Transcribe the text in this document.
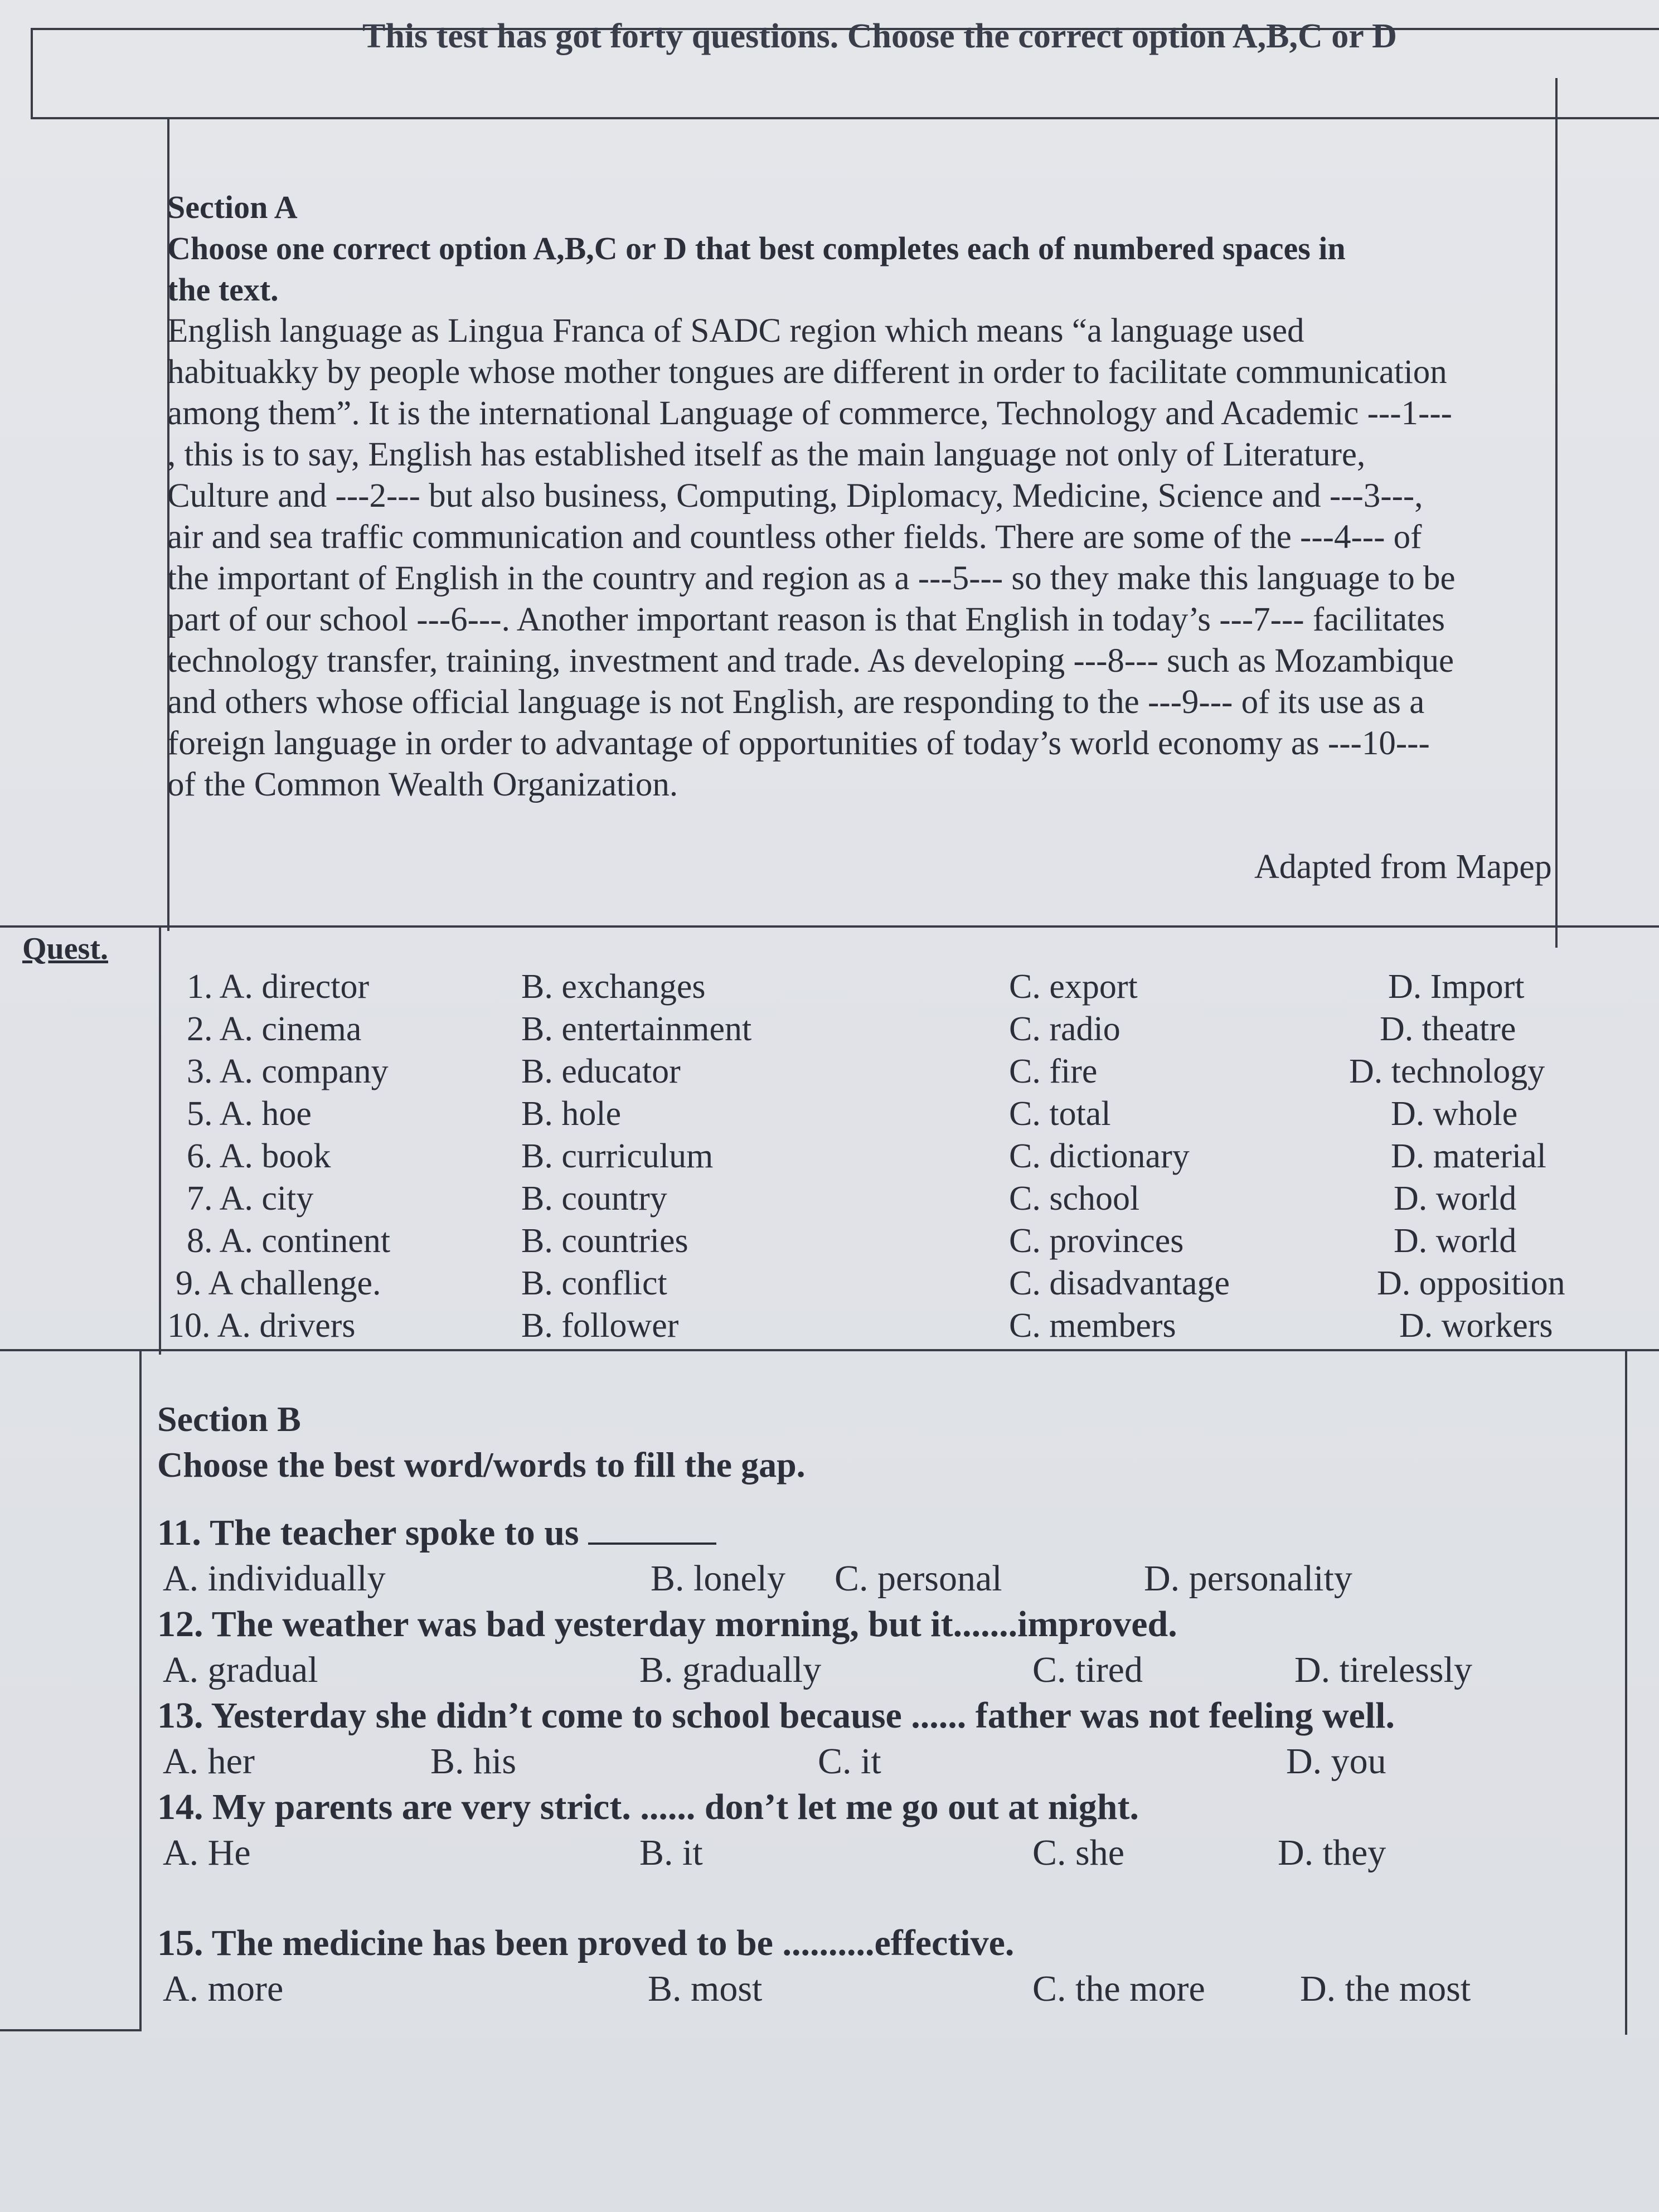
This test has got forty questions. Choose the correct option A,B,C or D
Section A
Choose one correct option A,B,C or D that best completes each of numbered spaces in
the text.
English language as Lingua Franca of SADC region which means “a language used
habituakky by people whose mother tongues are different in order to facilitate communication
among them”. It is the international Language of commerce, Technology and Academic ---1---
, this is to say, English has established itself as the main language not only of Literature,
Culture and ---2--- but also business, Computing, Diplomacy, Medicine, Science and ---3---,
air and sea traffic communication and countless other fields. There are some of the ---4--- of
the important of English in the country and region as a ---5--- so they make this language to be
part of our school ---6---. Another important reason is that English in today’s ---7--- facilitates
technology transfer, training, investment and trade. As developing ---8--- such as Mozambique
and others whose official language is not English, are responding to the ---9--- of its use as a
foreign language in order to advantage of opportunities of today’s world economy as ---10---
of the Common Wealth Organization.
Adapted from Mapep
Quest.
1. A. director	B. exchanges	C. export	D. Import
2. A. cinema	B. entertainment	C. radio	D. theatre
3. A. company	B. educator	C. fire	D. technology
5. A. hoe	B. hole	C. total	D. whole
6. A. book	B. curriculum	C. dictionary	D. material
7. A. city	B. country	C. school	D. world
8. A. continent	B. countries	C. provinces	D. world
9. A challenge.	B. conflict	C. disadvantage	D. opposition
10. A. drivers	B. follower	C. members	D. workers
Section B
Choose the best word/words to fill the gap.
11. The teacher spoke to us
A. individually	B. lonely C. personal	D. personality
12. The weather was bad yesterday morning, but it.......improved.
A. gradual	B. gradually	C. tired	D. tirelessly
13. Yesterday she didn’t come to school because ...... father was not feeling well.
A. her	B. his	C. it	D. you
14. My parents are very strict. ...... don’t let me go out at night.
A. He	B. it	C. she	D. they
15. The medicine has been proved to be ..........effective.
A. more	B. most	C. the more	D. the most
